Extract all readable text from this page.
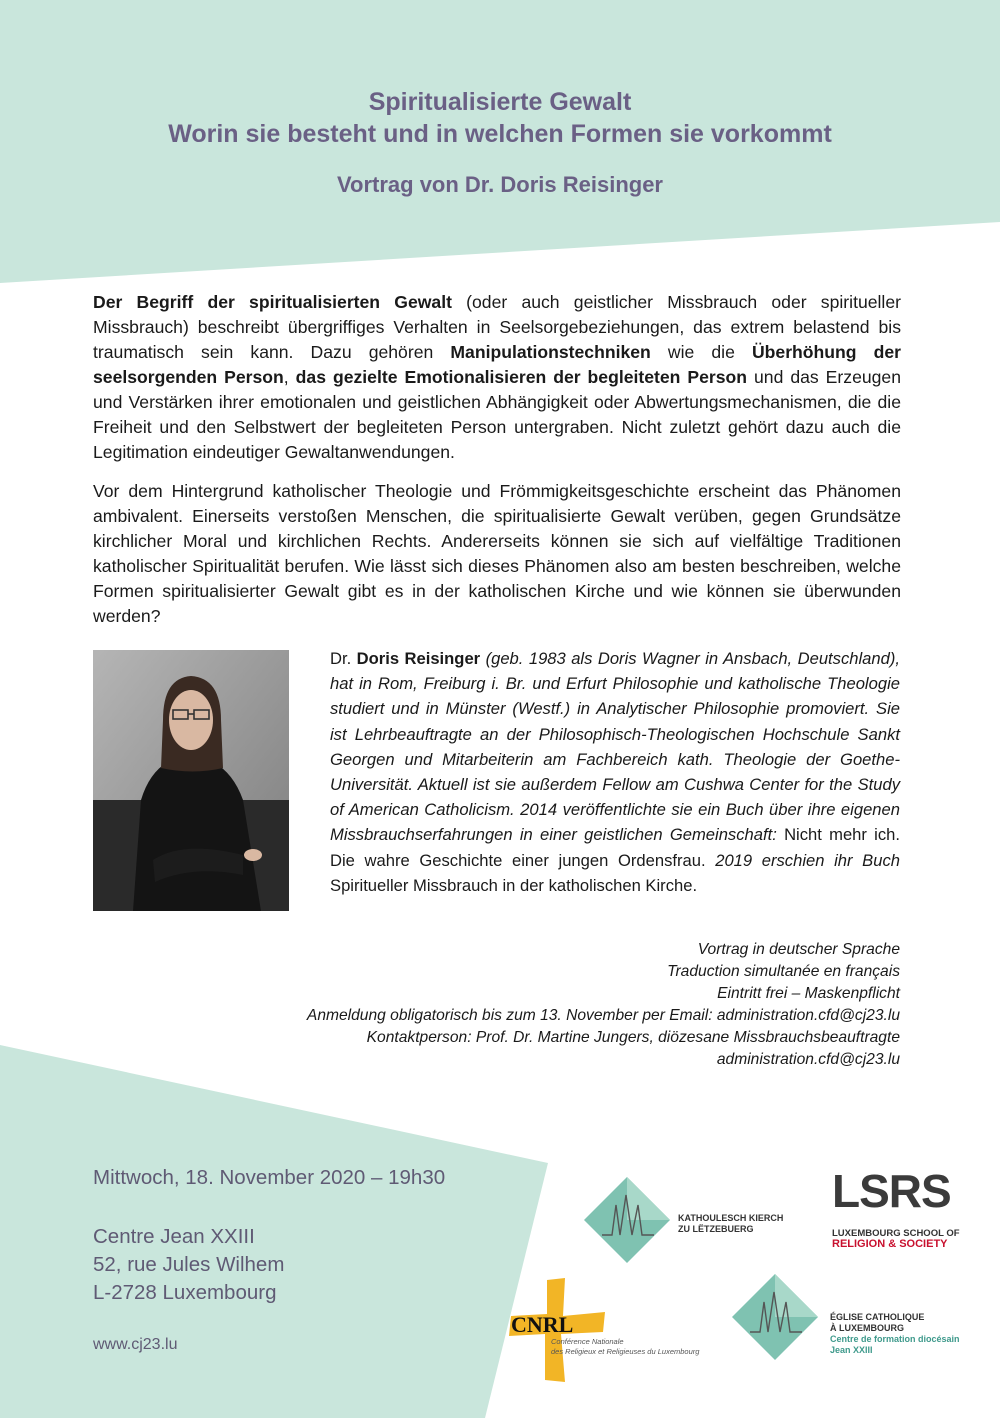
Spiritualisierte Gewalt
Worin sie besteht und in welchen Formen sie vorkommt
Vortrag von Dr. Doris Reisinger

Der Begriff der spiritualisierten Gewalt (oder auch geistlicher Missbrauch oder spiritueller Missbrauch) beschreibt übergriffiges Verhalten in Seelsorgebeziehungen, das extrem belastend bis traumatisch sein kann. Dazu gehören Manipulationstechniken wie die Überhöhung der seelsorgenden Person, das gezielte Emotionalisieren der begleiteten Person und das Erzeugen und Verstärken ihrer emotionalen und geistlichen Abhängigkeit oder Abwertungsmechanismen, die die Freiheit und den Selbstwert der begleiteten Person untergraben. Nicht zuletzt gehört dazu auch die Legitimation eindeutiger Gewaltanwendungen.

Vor dem Hintergrund katholischer Theologie und Frömmigkeitsgeschichte erscheint das Phänomen ambivalent. Einerseits verstoßen Menschen, die spiritualisierte Gewalt verüben, gegen Grundsätze kirchlicher Moral und kirchlichen Rechts. Andererseits können sie sich auf vielfältige Traditionen katholischer Spiritualität berufen. Wie lässt sich dieses Phänomen also am besten beschreiben, welche Formen spiritualisierter Gewalt gibt es in der katholischen Kirche und wie können sie überwunden werden?

Dr. Doris Reisinger (geb. 1983 als Doris Wagner in Ansbach, Deutschland), hat in Rom, Freiburg i. Br. und Erfurt Philosophie und katholische Theologie studiert und in Münster (Westf.) in Analytischer Philosophie promoviert. Sie ist Lehrbeauftragte an der Philosophisch-Theologischen Hochschule Sankt Georgen und Mitarbeiterin am Fachbereich kath. Theologie der Goethe-Universität. Aktuell ist sie außerdem Fellow am Cushwa Center for the Study of American Catholicism. 2014 veröffentlichte sie ein Buch über ihre eigenen Missbrauchserfahrungen in einer geistlichen Gemeinschaft: Nicht mehr ich. Die wahre Geschichte einer jungen Ordensfrau. 2019 erschien ihr Buch Spiritueller Missbrauch in der katholischen Kirche.

Vortrag in deutscher Sprache

Traduction simultanée en français

Eintritt frei – Maskenpflicht

Anmeldung obligatorisch bis zum 13. November per Email: administration.cfd@cj23.lu

Kontaktperson: Prof. Dr. Martine Jungers, diözesane Missbrauchsbeauftragte

administration.cfd@cj23.lu

Mittwoch, 18. November 2020 – 19h30

Centre Jean XXIII

52, rue Jules Wilhem

L-2728 Luxembourg

www.cj23.lu

KATHOULESCH KIERCH

ZU LËTZEBUERG

LSRS

LUXEMBOURG SCHOOL OF

RELIGION & SOCIETY

CNRL

Conférence Nationale

des Religieux et Religieuses du Luxembourg

ÉGLISE CATHOLIQUE

À LUXEMBOURG

Centre de formation diocésain

Jean XXIII
